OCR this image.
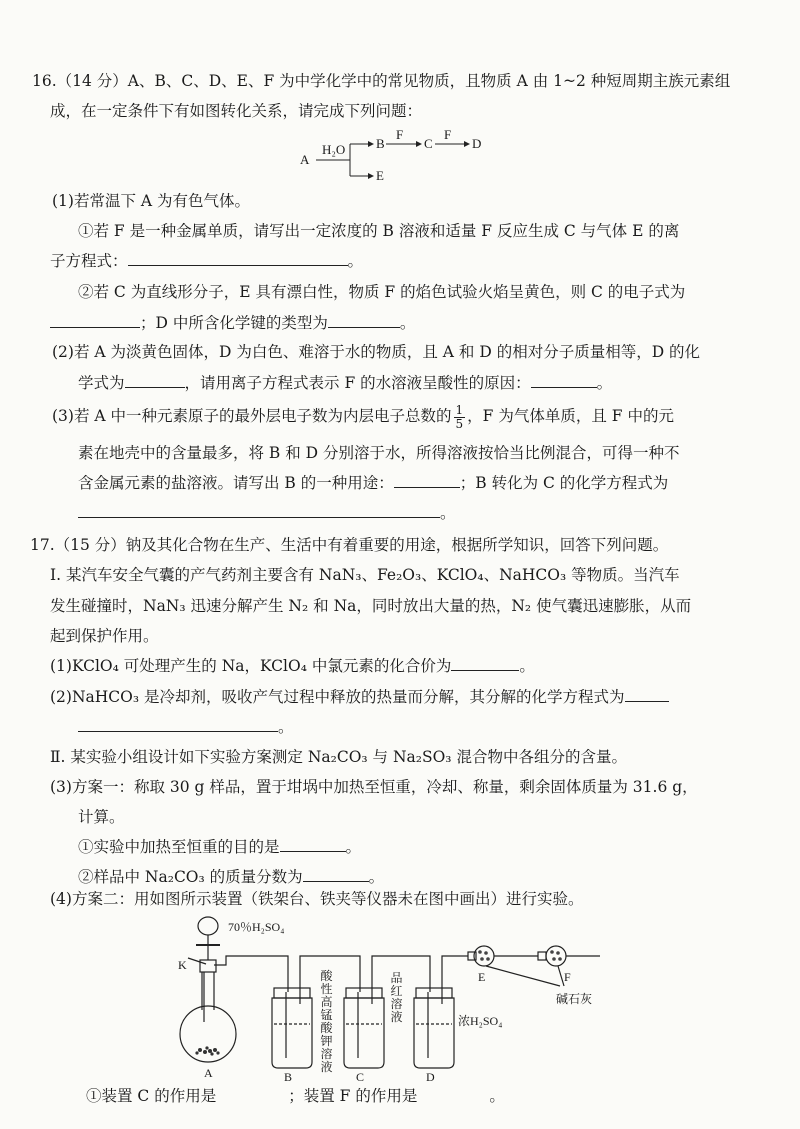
16.（14 分）A、B、C、D、E、F 为中学化学中的常见物质，且物质 A 由 1~2 种短周期主族元素组
成，在一定条件下有如图转化关系，请完成下列问题：
A
H₂O B
F
C
F
D
E
(1)若常温下 A 为有色气体。
①若 F 是一种金属单质，请写出一定浓度的 B 溶液和适量 F 反应生成 C 与气体 E 的离
子方程式：	。
②若 C 为直线形分子，E 具有漂白性，物质 F 的焰色试验火焰呈黄色，则 C 的电子式为
；D 中所含化学键的类型为	。
(2)若 A 为淡黄色固体，D 为白色、难溶于水的物质，且 A 和 D 的相对分子质量相等，D 的化
学式为	，请用离子方程式表示 F 的水溶液呈酸性的原因：	。
(3)若 A 中一种元素原子的最外层电子数为内层电子总数的 $\frac{1}{5}$ ，F 为气体单质，且 F 中的元
素在地壳中的含量最多，将 B 和 D 分别溶于水，所得溶液按恰当比例混合，可得一种不
含金属元素的盐溶液。请写出 B 的一种用途：	；B 转化为 C 的化学方程式为
。
17.（15 分）钠及其化合物在生产、生活中有着重要的用途，根据所学知识，回答下列问题。
Ⅰ. 某汽车安全气囊的产气药剂主要含有 NaN₃、Fe₂O₃、KClO₄、NaHCO₃ 等物质。当汽车
发生碰撞时，NaN₃ 迅速分解产生 N₂ 和 Na，同时放出大量的热，N₂ 使气囊迅速膨胀，从而
起到保护作用。
(1)KClO₄ 可处理产生的 Na，KClO₄ 中氯元素的化合价为	。
(2)NaHCO₃ 是冷却剂，吸收产气过程中释放的热量而分解，其分解的化学方程式为
。
Ⅱ. 某实验小组设计如下实验方案测定 Na₂CO₃ 与 Na₂SO₃ 混合物中各组分的含量。
(3)方案一：称取 30 g 样品，置于坩埚中加热至恒重，冷却、称量，剩余固体质量为 31.6 g，
计算。
①实验中加热至恒重的目的是	。
②样品中 Na₂CO₃ 的质量分数为	。
(4)方案二：用如图所示装置（铁架台、铁夹等仪器未在图中画出）进行实验。
70％H₂SO₄
K
酸性高锰酸钾溶液
品红溶液	浓H₂SO₄
E	F
碱石灰
A	B	C	D
①装置 C 的作用是	；装置 F 的作用是	。
